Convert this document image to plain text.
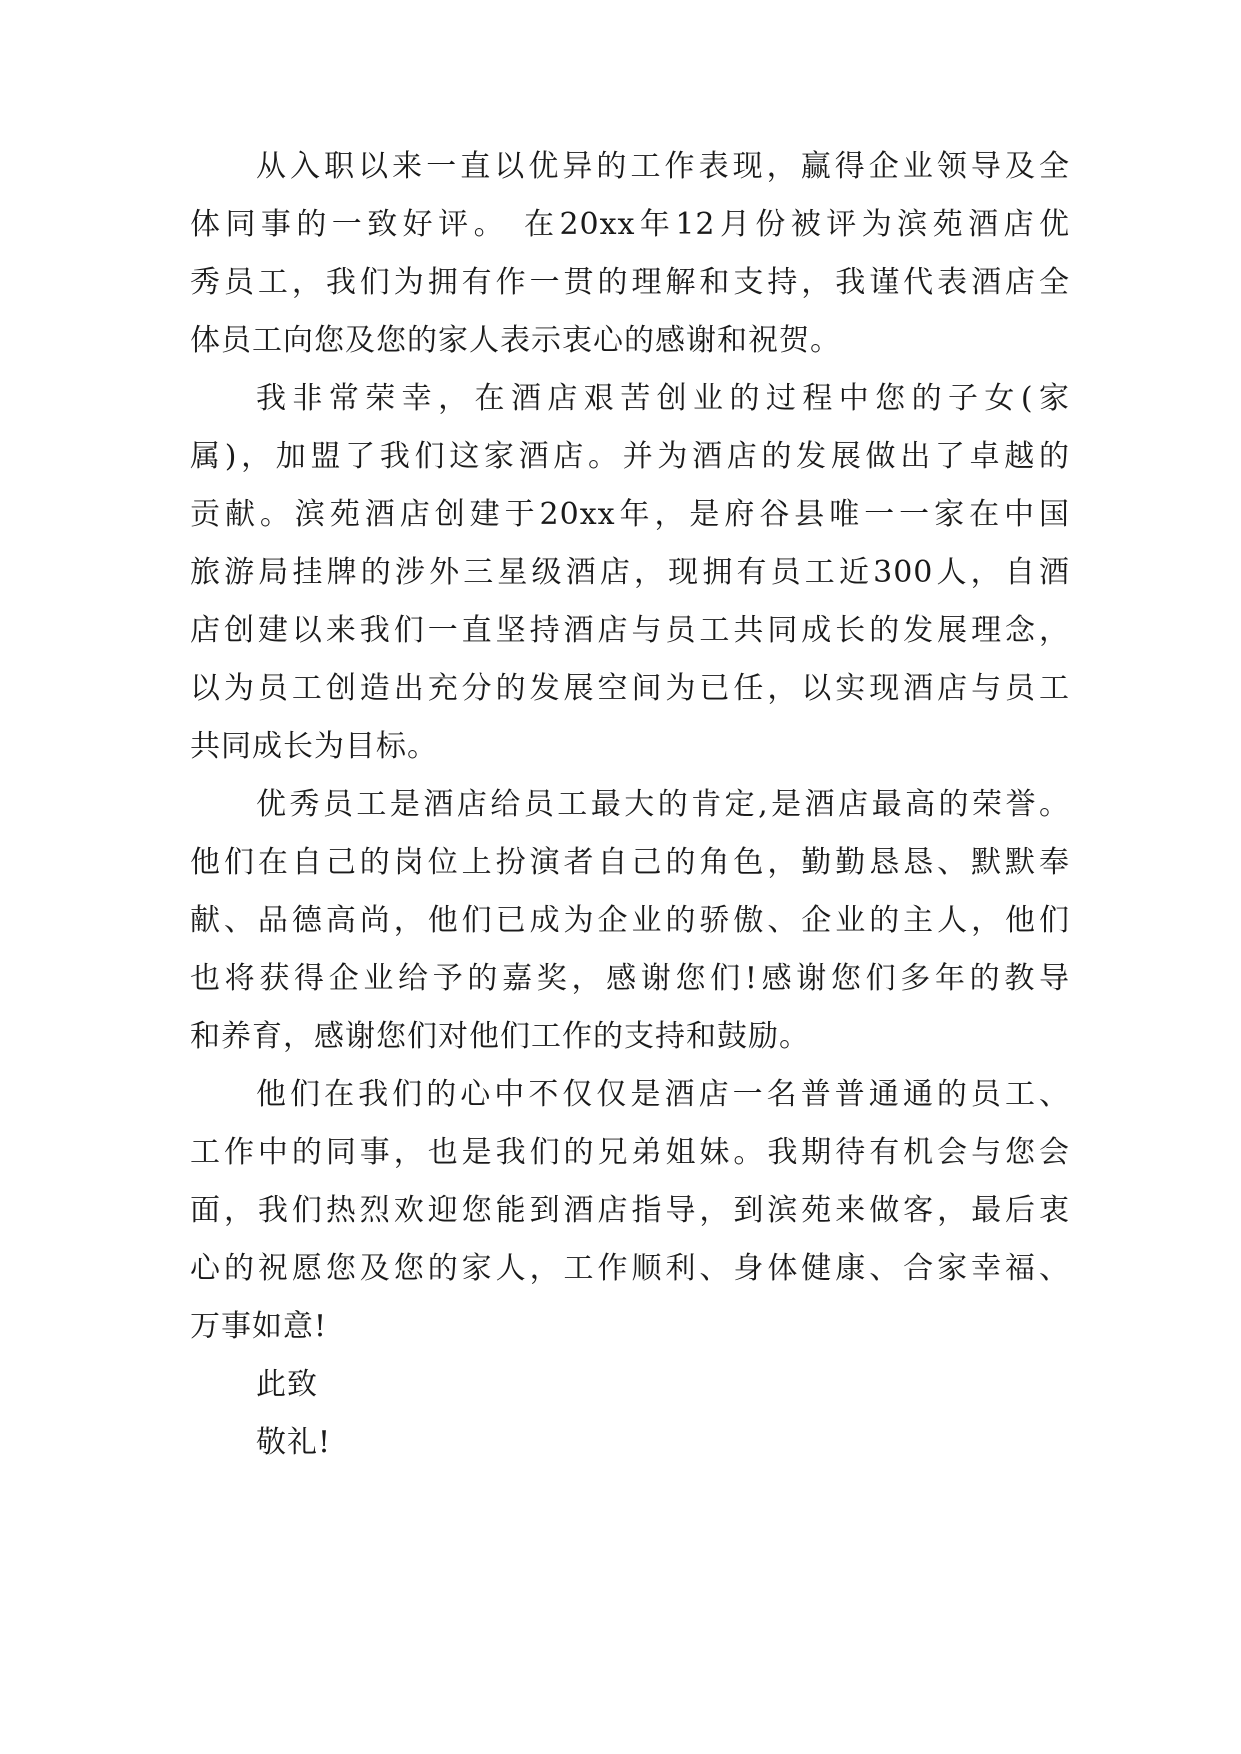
从入职以来一直以优异的工作表现，赢得企业领导及全
体同事的一致好评。 在20xx年12月份被评为滨苑酒店优
秀员工，我们为拥有作一贯的理解和支持，我谨代表酒店全
体员工向您及您的家人表示衷心的感谢和祝贺。
我非常荣幸，在酒店艰苦创业的过程中您的子女(家
属)，加盟了我们这家酒店。并为酒店的发展做出了卓越的
贡献。滨苑酒店创建于20xx年，是府谷县唯一一家在中国
旅游局挂牌的涉外三星级酒店，现拥有员工近300人，自酒
店创建以来我们一直坚持酒店与员工共同成长的发展理念，
以为员工创造出充分的发展空间为已任，以实现酒店与员工
共同成长为目标。
优秀员工是酒店给员工最大的肯定,是酒店最高的荣誉。
他们在自己的岗位上扮演者自己的角色，勤勤恳恳、默默奉
献、品德高尚，他们已成为企业的骄傲、企业的主人，他们
也将获得企业给予的嘉奖，感谢您们!感谢您们多年的教导
和养育，感谢您们对他们工作的支持和鼓励。
他们在我们的心中不仅仅是酒店一名普普通通的员工、
工作中的同事，也是我们的兄弟姐妹。我期待有机会与您会
面，我们热烈欢迎您能到酒店指导，到滨苑来做客，最后衷
心的祝愿您及您的家人，工作顺利、身体健康、合家幸福、
万事如意!
此致
敬礼!
